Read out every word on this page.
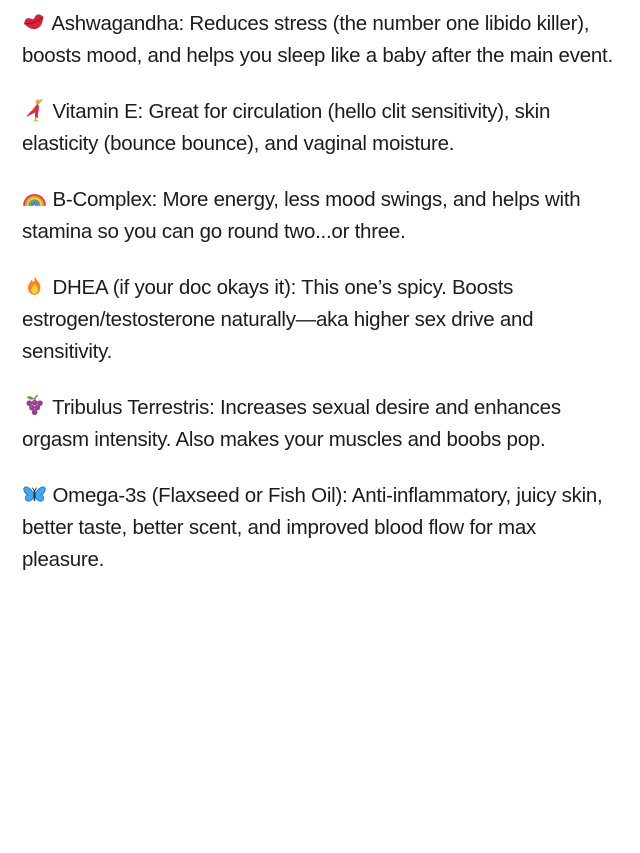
Ashwagandha: Reduces stress (the number one libido killer), boosts mood, and helps you sleep like a baby after the main event.

Vitamin E: Great for circulation (hello clit sensitivity), skin elasticity (bounce bounce), and vaginal moisture.

B-Complex: More energy, less mood swings, and helps with stamina so you can go round two...or three.

DHEA (if your doc okays it): This one’s spicy. Boosts estrogen/testosterone naturally—aka higher sex drive and sensitivity.

Tribulus Terrestris: Increases sexual desire and enhances orgasm intensity. Also makes your muscles and boobs pop.

Omega-3s (Flaxseed or Fish Oil): Anti-inflammatory, juicy skin, better taste, better scent, and improved blood flow for max pleasure.
